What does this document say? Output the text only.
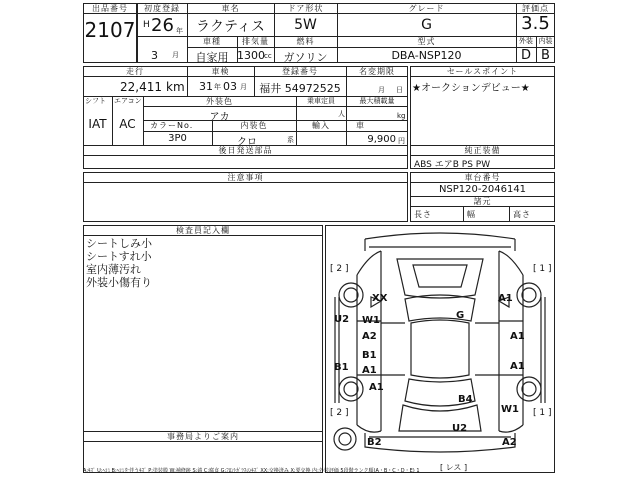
出品番号
2107
初度登録
H 26 年
3 月
車名
ラクティス
ドア形状
5W
グレード
G
評価点
3.5
車種
自家用
排気量
1300 cc
燃料
ガソリン
型式
DBA-NSP120
外装
D
内装
B
走行
22,411 km
車検
31 年 03 月
登録番号
福井 54972525
名変期限
月 日
シフト
IAT
エアコン
AC
外装色
アカ
乗車定員
人
最大積載量
kg
カラーNo.
3P0
内装色
クロ	系
輸入	車
9,900 円
後日発送部品
セールスポイント
★オークションデビュー★
純正装備
ABS エアB PS PW
注意事項	車台番号
NSP120-2046141
諸元
長さ	幅	高さ
検査員記入欄
シートしみ小
シートすれ小
室内薄汚れ
外装小傷有り
事務局よりご案内
[ 2 ]	[ 1 ]
[ 2 ]	[ 1 ]
[ レス ]
XX	A1
G
U2 W1
A2	A1
B1
B1 A1	A1
A1
B4
W1
U2
B2	A2
A:ｷｽﾞ U:ﾍｺﾐ B:ﾍｺﾐを伴うｷｽﾞ P:塗装膜 W:補修跡 S:錆 C:腐食 G:ﾌﾛﾝﾄｶﾞﾗｽのｷｽﾞ XX:交換済み X:要交換 内:外装評価 5段階ランク順(A・B・C・D・E) 1
